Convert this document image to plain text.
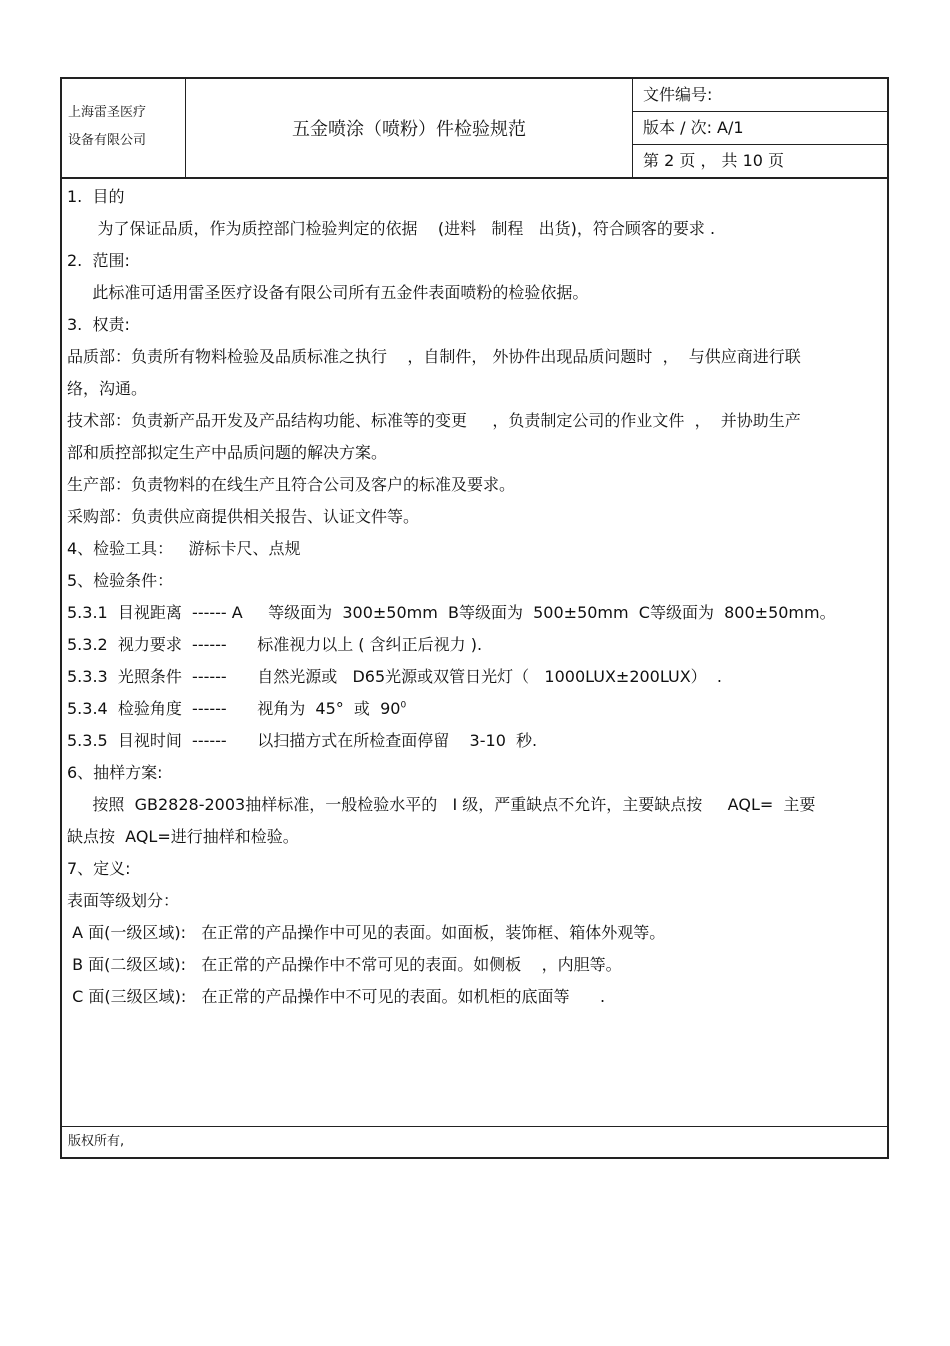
上海雷圣医疗
设备有限公司
五金喷涂（喷粉）件检验规范
文件编号:
版本 / 次: A/1
第 2 页 ， 共 10 页
1.  目的
为了保证品质，作为质控部门检验判定的依据    (进料   制程   出货)，符合顾客的要求 .
2.  范围:
此标准可适用雷圣医疗设备有限公司所有五金件表面喷粉的检验依据。
3.  权责:
品质部：负责所有物料检验及品质标准之执行    ，自制件， 外协件出现品质问题时  ，  与供应商进行联
络，沟通。
技术部：负责新产品开发及产品结构功能、标准等的变更     ，负责制定公司的作业文件  ，  并协助生产
部和质控部拟定生产中品质问题的解决方案。
生产部：负责物料的在线生产且符合公司及客户的标准及要求。
采购部：负责供应商提供相关报告、认证文件等。
4、检验工具：   游标卡尺、点规
5、检验条件：
5.3.1  目视距离  ------ A     等级面为  300±50mm  B等级面为  500±50mm  C等级面为  800±50mm。
5.3.2  视力要求  ------      标准视力以上 ( 含纠正后视力 ).
5.3.3  光照条件  ------      自然光源或   D65光源或双管日光灯（   1000LUX±200LUX）  .
5.3.4  检验角度  ------      视角为  45°  或  $90^0$
5.3.5  目视时间  ------      以扫描方式在所检查面停留    3-10  秒.
6、抽样方案:
按照  GB2828-2003抽样标准，一般检验水平的   Ⅰ 级，严重缺点不允许，主要缺点按     AQL=  主要
缺点按  AQL=进行抽样和检验。
7、定义:
表面等级划分：
A 面(一级区域):   在正常的产品操作中可见的表面。如面板，装饰框、箱体外观等。
B 面(二级区域):   在正常的产品操作中不常可见的表面。如侧板    ，内胆等。
C 面(三级区域):   在正常的产品操作中不可见的表面。如机柜的底面等      .
版权所有,
